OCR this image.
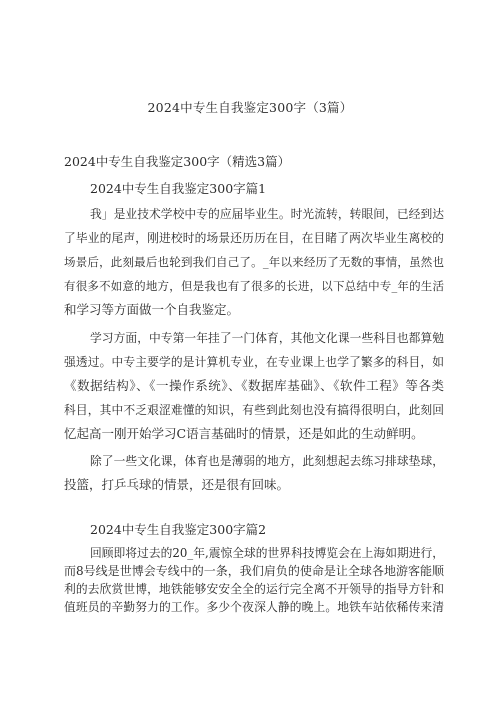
2024中专生自我鉴定300字（3篇）
2024中专生自我鉴定300字（精选3篇）
2024中专生自我鉴定300字篇1
我」是业技术学校中专的应届毕业生。时光流转，转眼间，已经到达
了毕业的尾声，刚进校时的场景还历历在目，在目睹了两次毕业生离校的
场景后，此刻最后也轮到我们自己了。_年以来经历了无数的事情，虽然也
有很多不如意的地方，但是我也有了很多的长进，以下总结中专_年的生活
和学习等方面做一个自我鉴定。
学习方面，中专第一年挂了一门体育，其他文化课一些科目也都算勉
强透过。中专主要学的是计算机专业，在专业课上也学了繁多的科目，如
《数据结构》、《一操作系统》、《数据库基础》、《软件工程》等各类
科目，其中不乏艰涩难懂的知识，有些到此刻也没有搞得很明白，此刻回
忆起高一刚开始学习C语言基础时的情景，还是如此的生动鲜明。
除了一些文化课，体育也是薄弱的地方，此刻想起去练习排球垫球，
投篮，打乒乓球的情景，还是很有回味。
2024中专生自我鉴定300字篇2
回顾即将过去的20_年,震惊全球的世界科技博览会在上海如期进行，
而8号线是世博会专线中的一条，我们肩负的使命是让全球各地游客能顺
利的去欣赏世博，地铁能够安安全全的运行完全离不开领导的指导方针和
值班员的辛勤努力的工作。多少个夜深人静的晚上。地铁车站依稀传来清
